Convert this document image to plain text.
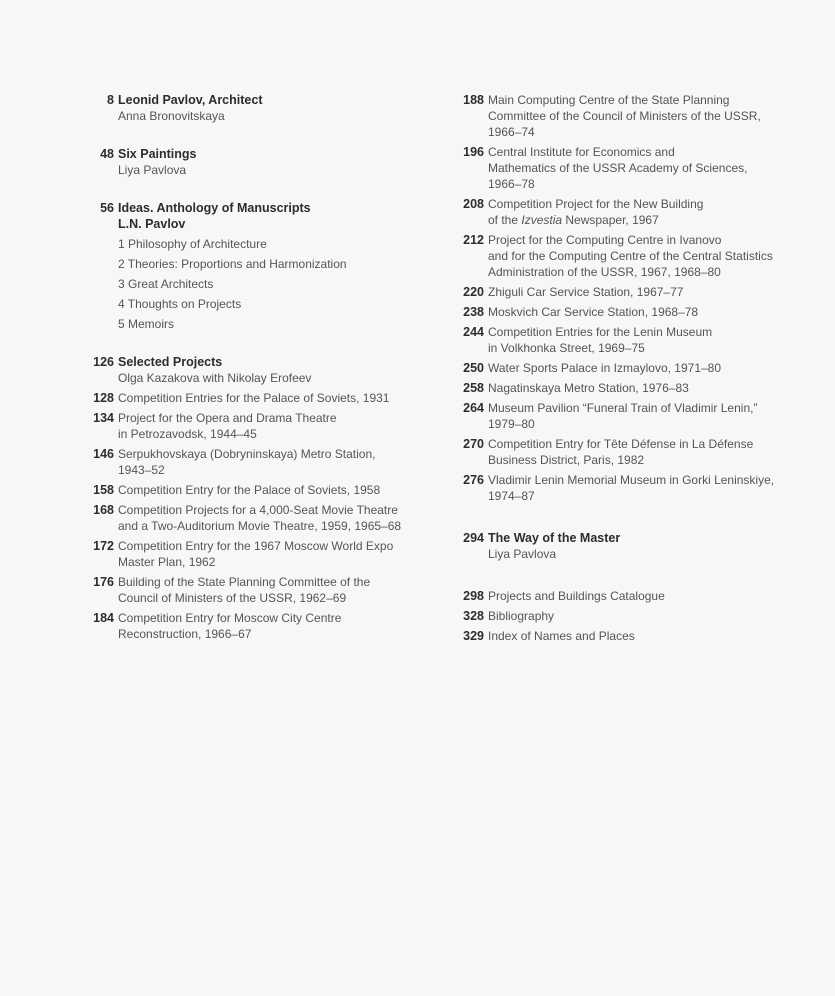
8 Leonid Pavlov, Architect
Anna Bronovitskaya
48 Six Paintings
Liya Pavlova
56 Ideas. Anthology of Manuscripts
L.N. Pavlov
1 Philosophy of Architecture
2 Theories: Proportions and Harmonization
3 Great Architects
4 Thoughts on Projects
5 Memoirs
126 Selected Projects
Olga Kazakova with Nikolay Erofeev
128 Competition Entries for the Palace of Soviets, 1931
134 Project for the Opera and Drama Theatre
in Petrozavodsk, 1944–45
146 Serpukhovskaya (Dobryninskaya) Metro Station,
1943–52
158 Competition Entry for the Palace of Soviets, 1958
168 Competition Projects for a 4,000-Seat Movie Theatre
and a Two-Auditorium Movie Theatre, 1959, 1965–68
172 Competition Entry for the 1967 Moscow World Expo
Master Plan, 1962
176 Building of the State Planning Committee of the
Council of Ministers of the USSR, 1962–69
184 Competition Entry for Moscow City Centre
Reconstruction, 1966–67
188 Main Computing Centre of the State Planning
Committee of the Council of Ministers of the USSR,
1966–74
196 Central Institute for Economics and
Mathematics of the USSR Academy of Sciences,
1966–78
208 Competition Project for the New Building
of the Izvestia Newspaper, 1967
212 Project for the Computing Centre in Ivanovo
and for the Computing Centre of the Central Statistics
Administration of the USSR, 1967, 1968–80
220 Zhiguli Car Service Station, 1967–77
238 Moskvich Car Service Station, 1968–78
244 Competition Entries for the Lenin Museum
in Volkhonka Street, 1969–75
250 Water Sports Palace in Izmaylovo, 1971–80
258 Nagatinskaya Metro Station, 1976–83
264 Museum Pavilion “Funeral Train of Vladimir Lenin,”
1979–80
270 Competition Entry for Tête Défense in La Défense
Business District, Paris, 1982
276 Vladimir Lenin Memorial Museum in Gorki Leninskiye,
1974–87
294 The Way of the Master
Liya Pavlova
298 Projects and Buildings Catalogue
328 Bibliography
329 Index of Names and Places
